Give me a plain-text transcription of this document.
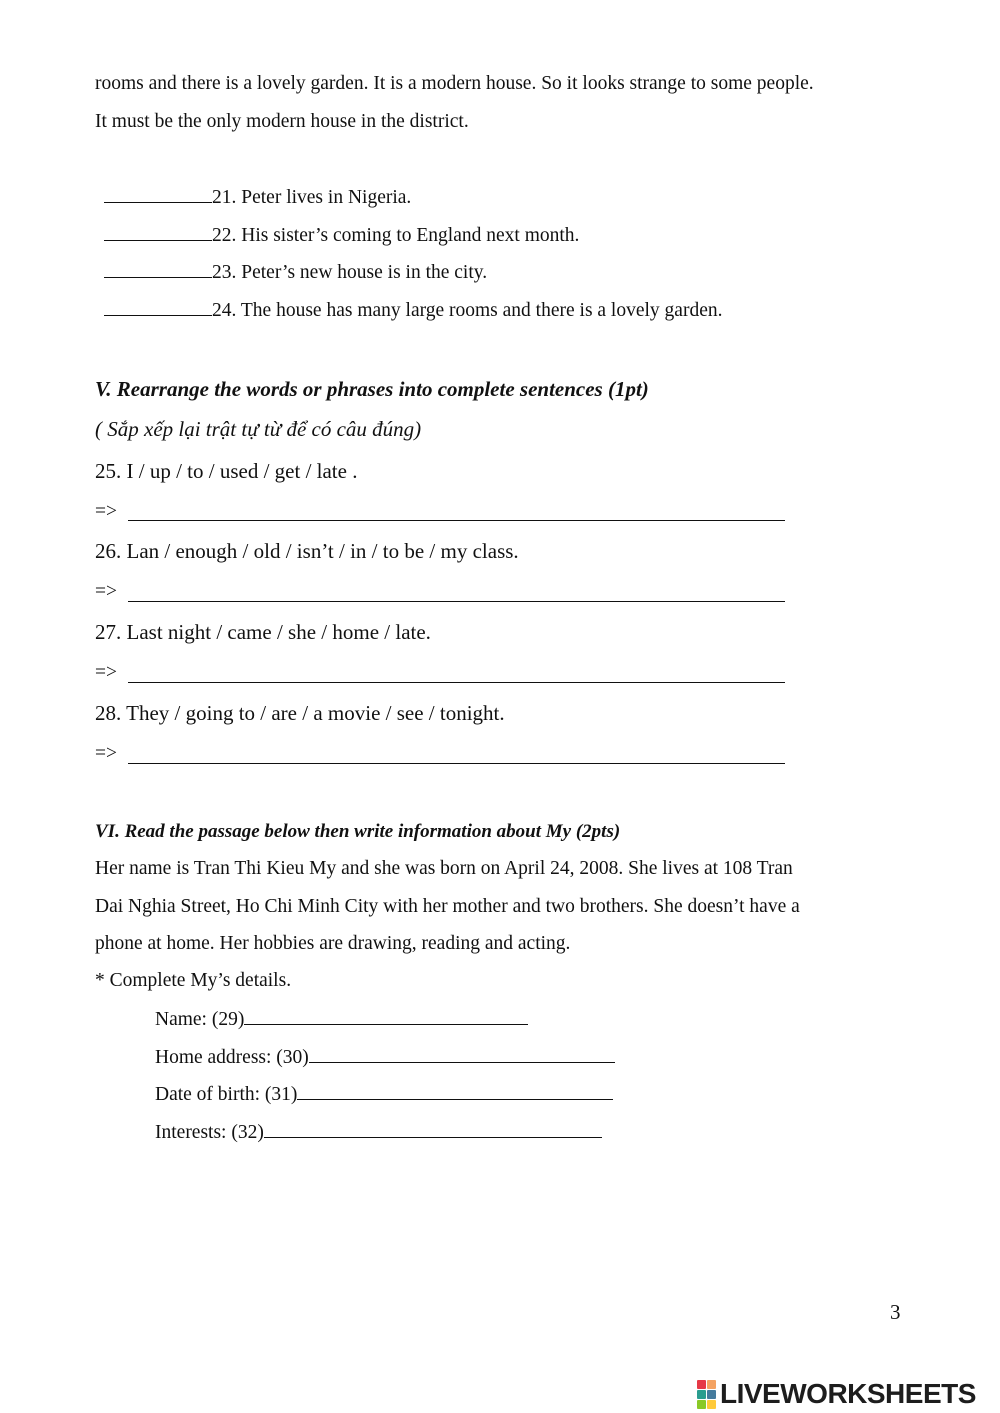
rooms and there is a lovely garden. It is a modern house. So it looks strange to some people.
It must be the only modern house in the district.
21. Peter lives in Nigeria.
22. His sister’s coming to England next month.
23. Peter’s new house is in the city.
24. The house has many large rooms and there is a lovely garden.
V. Rearrange the words or phrases into complete sentences (1pt)
( Sắp xếp lại trật tự từ để có câu đúng)
25. I / up / to / used / get / late .
=>
26. Lan / enough / old / isn’t / in / to be / my class.
=>
27. Last night / came / she / home / late.
=>
28. They / going to / are / a movie / see / tonight.
=>
VI. Read the passage below then write information about My (2pts)
Her name is Tran Thi Kieu My and she was born on April 24, 2008. She lives at 108 Tran
Dai Nghia Street, Ho Chi Minh City with her mother and two brothers. She doesn’t have a
phone at home. Her hobbies are drawing, reading and acting.
* Complete My’s details.
Name: (29)
Home address: (30)
Date of birth: (31)
Interests: (32)
3
LIVEWORKSHEETS
